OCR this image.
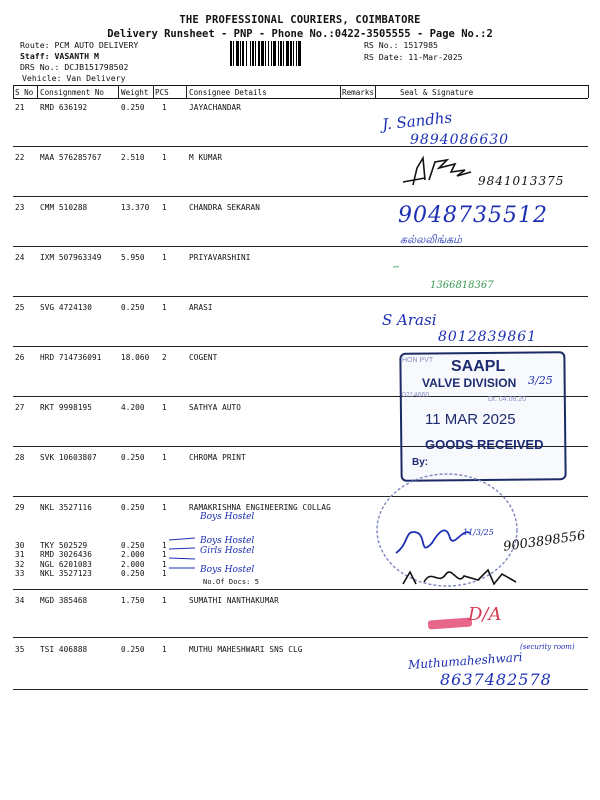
THE PROFESSIONAL COURIERS, COIMBATORE
Delivery Runsheet - PNP - Phone No.:0422-3505555 - Page No.:2
Route: PCM AUTO DELIVERY
Staff: VASANTH M
DRS No.: DCJB151798502
Vehicle: Van Delivery
RS No.: 1517985
RS Date: 11-Mar-2025
S No Consignment No Weight PCS	Consignee Details	Remarks	Seal & Signature
21 RMD 636192	0.250 1	JAYACHANDAR
22 MAA 576285767	2.510 1	M KUMAR
23 CMM 510288	13.370 1	CHANDRA SEKARAN
24 IXM 507963349	5.950 1	PRIYAVARSHINI
25 SVG 4724130	0.250 1	ARASI
26 HRD 714736091	18.060 2	COGENT
27 RKT 9998195	4.200 1	SATHYA AUTO
28 SVK 10603807	0.250 1	CHROMA PRINT
29 NKL 3527116	0.250 1	RAMAKRISHNA ENGINEERING COLLAG
30 TKY 502529	0.250 1
31 RMD 3026436	2.000 1
32 NGL 6201083	2.000 1
33 NKL 3527123	0.250 1
No.Of Docs: 5
34 MGD 385468	1.750 1	SUMATHI NANTHAKUMAR
35 TSI 406888	0.250 1	MUTHU MAHESHWARI SNS CLG
J. Sandhs
9894086630
9841013375
9048735512
கல்லலிங்கம்
~
1366818367
S Arasi
8012839861
HON PVT
0214660
Dt. 04.08.20
SAAPL
VALVE DIVISION 3/25
11 MAR 2025
GOODS RECEIVED
By:
11/3/25 9003898556
Boys Hostel
Boys Hostel
Girls Hostel
Boys Hostel
D/A
Muthumaheshwari
(security room)
8637482578
